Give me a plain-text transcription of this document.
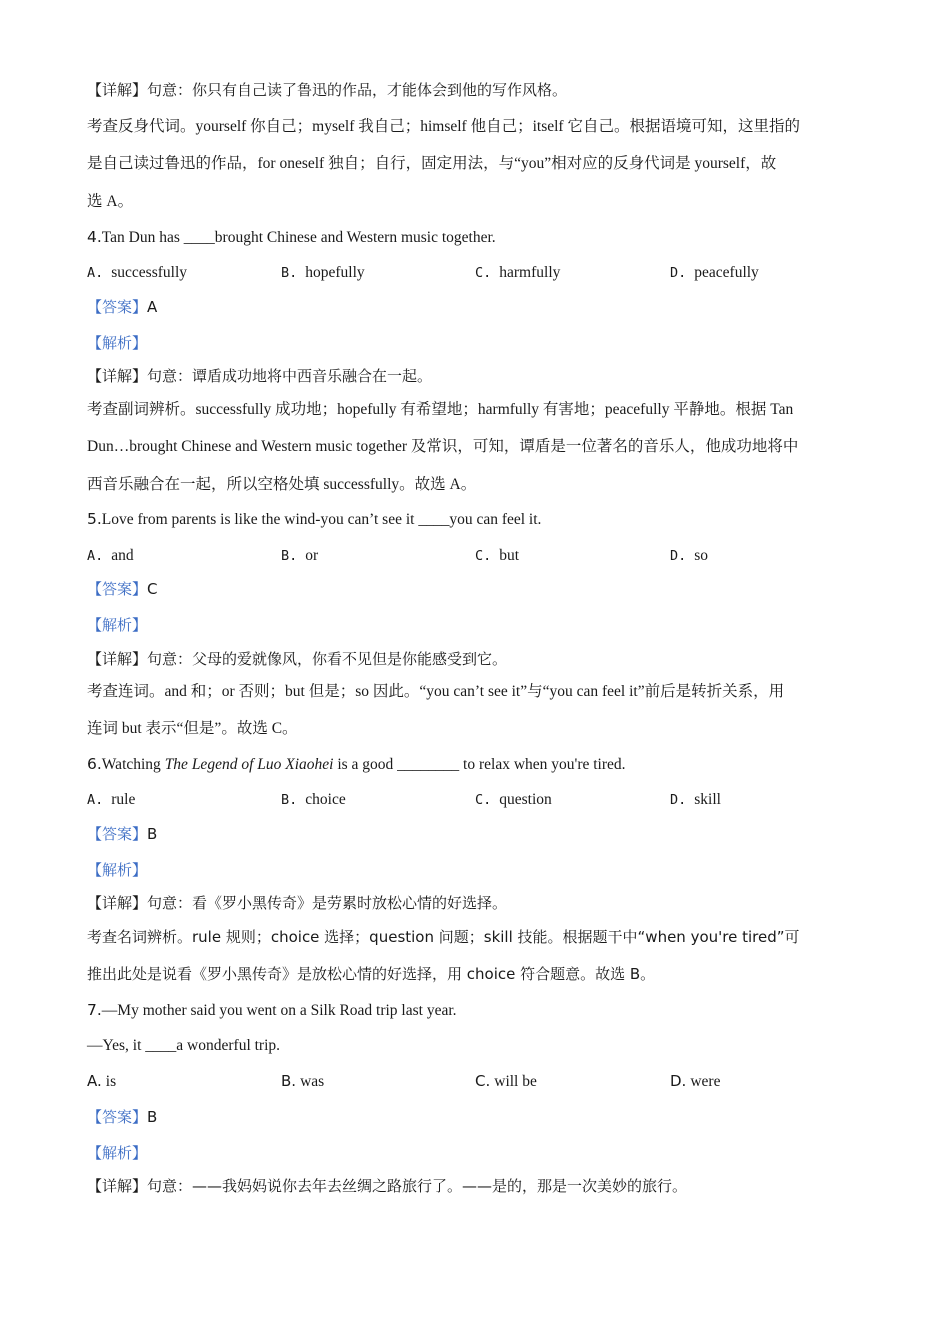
【详解】句意：你只有自己读了鲁迅的作品，才能体会到他的写作风格。
考查反身代词。yourself 你自己；myself 我自己；himself 他自己；itself 它自己。根据语境可知，这里指的
是自己读过鲁迅的作品，for oneself 独自；自行，固定用法，与“you”相对应的反身代词是 yourself，故
选 A。
4.Tan Dun has ____brought Chinese and Western music together.
A. successfully	B. hopefully	C. harmfully	D. peacefully
【答案】A
【解析】
【详解】句意：谭盾成功地将中西音乐融合在一起。
考查副词辨析。successfully 成功地；hopefully 有希望地；harmfully 有害地；peacefully 平静地。根据 Tan
Dun…brought Chinese and Western music together 及常识，可知，谭盾是一位著名的音乐人，他成功地将中
西音乐融合在一起，所以空格处填 successfully。故选 A。
5.Love from parents is like the wind-you can’t see it ____you can feel it.
A. and	B. or	C. but	D. so
【答案】C
【解析】
【详解】句意：父母的爱就像风，你看不见但是你能感受到它。
考查连词。and 和；or 否则；but 但是；so 因此。“you can’t see it”与“you can feel it”前后是转折关系，用
连词 but 表示“但是”。故选 C。
6.Watching The Legend of Luo Xiaohei is a good ________ to relax when you're tired.
A. rule	B. choice	C. question	D. skill
【答案】B
【解析】
【详解】句意：看《罗小黑传奇》是劳累时放松心情的好选择。
考查名词辨析。rule 规则；choice 选择；question 问题；skill 技能。根据题干中“when you're tired”可
推出此处是说看《罗小黑传奇》是放松心情的好选择，用 choice 符合题意。故选 B。
7.—My mother said you went on a Silk Road trip last year.
—Yes, it ____a wonderful trip.
A. is	B. was	C. will be	D. were
【答案】B
【解析】
【详解】句意：——我妈妈说你去年去丝绸之路旅行了。——是的，那是一次美妙的旅行。
